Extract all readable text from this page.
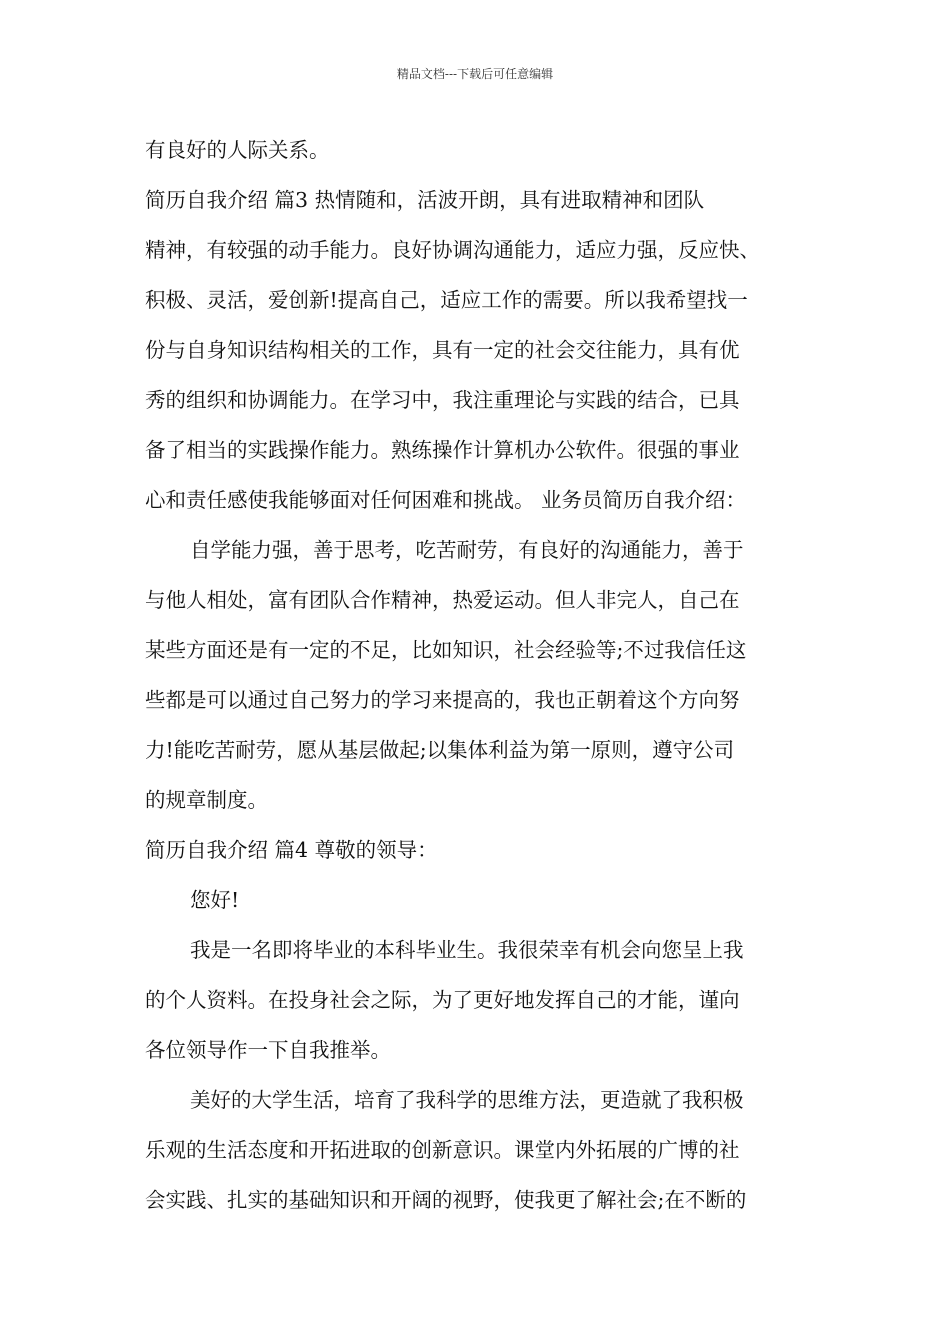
精品文档---下载后可任意编辑
有良好的人际关系。
简历自我介绍 篇3 热情随和，活波开朗，具有进取精神和团队
精神，有较强的动手能力。良好协调沟通能力，适应力强，反应快、
积极、灵活，爱创新!提高自己，适应工作的需要。所以我希望找一
份与自身知识结构相关的工作，具有一定的社会交往能力，具有优
秀的组织和协调能力。在学习中，我注重理论与实践的结合，已具
备了相当的实践操作能力。熟练操作计算机办公软件。很强的事业
心和责任感使我能够面对任何困难和挑战。 业务员简历自我介绍：
自学能力强，善于思考，吃苦耐劳，有良好的沟通能力，善于
与他人相处，富有团队合作精神，热爱运动。但人非完人，自己在
某些方面还是有一定的不足，比如知识，社会经验等;不过我信任这
些都是可以通过自己努力的学习来提高的，我也正朝着这个方向努
力!能吃苦耐劳，愿从基层做起;以集体利益为第一原则，遵守公司
的规章制度。
简历自我介绍 篇4 尊敬的领导：
您好!
我是一名即将毕业的本科毕业生。我很荣幸有机会向您呈上我
的个人资料。在投身社会之际，为了更好地发挥自己的才能，谨向
各位领导作一下自我推举。
美好的大学生活，培育了我科学的思维方法，更造就了我积极
乐观的生活态度和开拓进取的创新意识。课堂内外拓展的广博的社
会实践、扎实的基础知识和开阔的视野，使我更了解社会;在不断的
